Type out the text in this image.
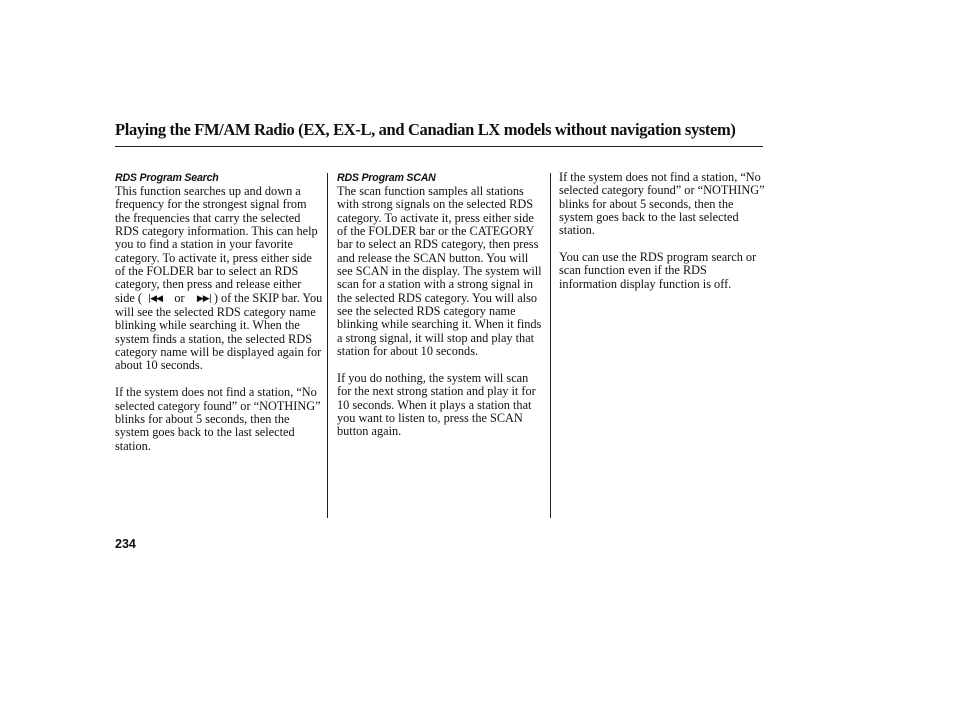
Playing the FM/AM Radio (EX, EX-L, and Canadian LX models without navigation system)
RDS Program Search

This function searches up and down a frequency for the strongest signal from the frequencies that carry the selected RDS category information. This can help you to find a station in your favorite category. To activate it, press either side of the FOLDER bar to select an RDS category, then press and release either side ( |◀◀ or ▶▶| ) of the SKIP bar. You will see the selected RDS category name blinking while searching it. When the system finds a station, the selected RDS category name will be displayed again for about 10 seconds.

If the system does not find a station, “No selected category found” or “NOTHING” blinks for about 5 seconds, then the system goes back to the last selected station.

RDS Program SCAN

The scan function samples all stations with strong signals on the selected RDS category. To activate it, press either side of the FOLDER bar or the CATEGORY bar to select an RDS category, then press and release the SCAN button. You will see SCAN in the display. The system will scan for a station with a strong signal in the selected RDS category. You will also see the selected RDS category name blinking while searching it. When it finds a strong signal, it will stop and play that station for about 10 seconds.

If you do nothing, the system will scan for the next strong station and play it for 10 seconds. When it plays a station that you want to listen to, press the SCAN button again.

If the system does not find a station, “No selected category found” or “NOTHING” blinks for about 5 seconds, then the system goes back to the last selected station.

You can use the RDS program search or scan function even if the RDS information display function is off.

234
